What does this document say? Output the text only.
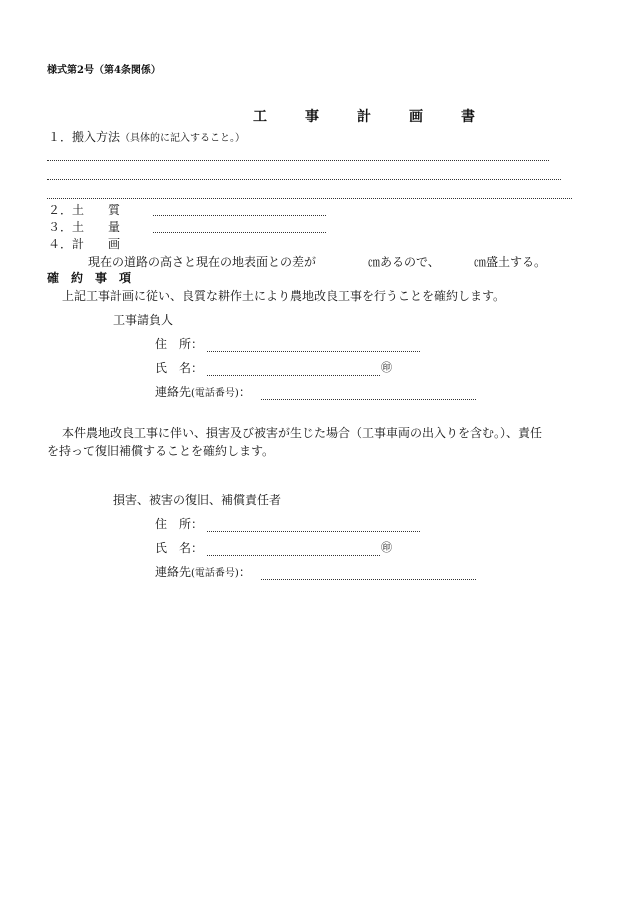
様式第2号（第4条関係）
工　事　計　画　書
１．搬入方法（具体的に記入すること。）
２．土　　質
３．土　　量
４．計　　画
現在の道路の高さと現在の地表面との差が	㎝あるので、	㎝盛土する。
確　約　事　項
上記工事計画に従い、良質な耕作土により農地改良工事を行うことを確約します。
工事請負人
住　所：
氏　名：	㊞
連絡先(電話番号)：
本件農地改良工事に伴い、損害及び被害が生じた場合（工事車両の出入りを含む。）、責任
を持って復旧補償することを確約します。
損害、被害の復旧、補償責任者
住　所：
氏　名：	㊞
連絡先(電話番号)：
